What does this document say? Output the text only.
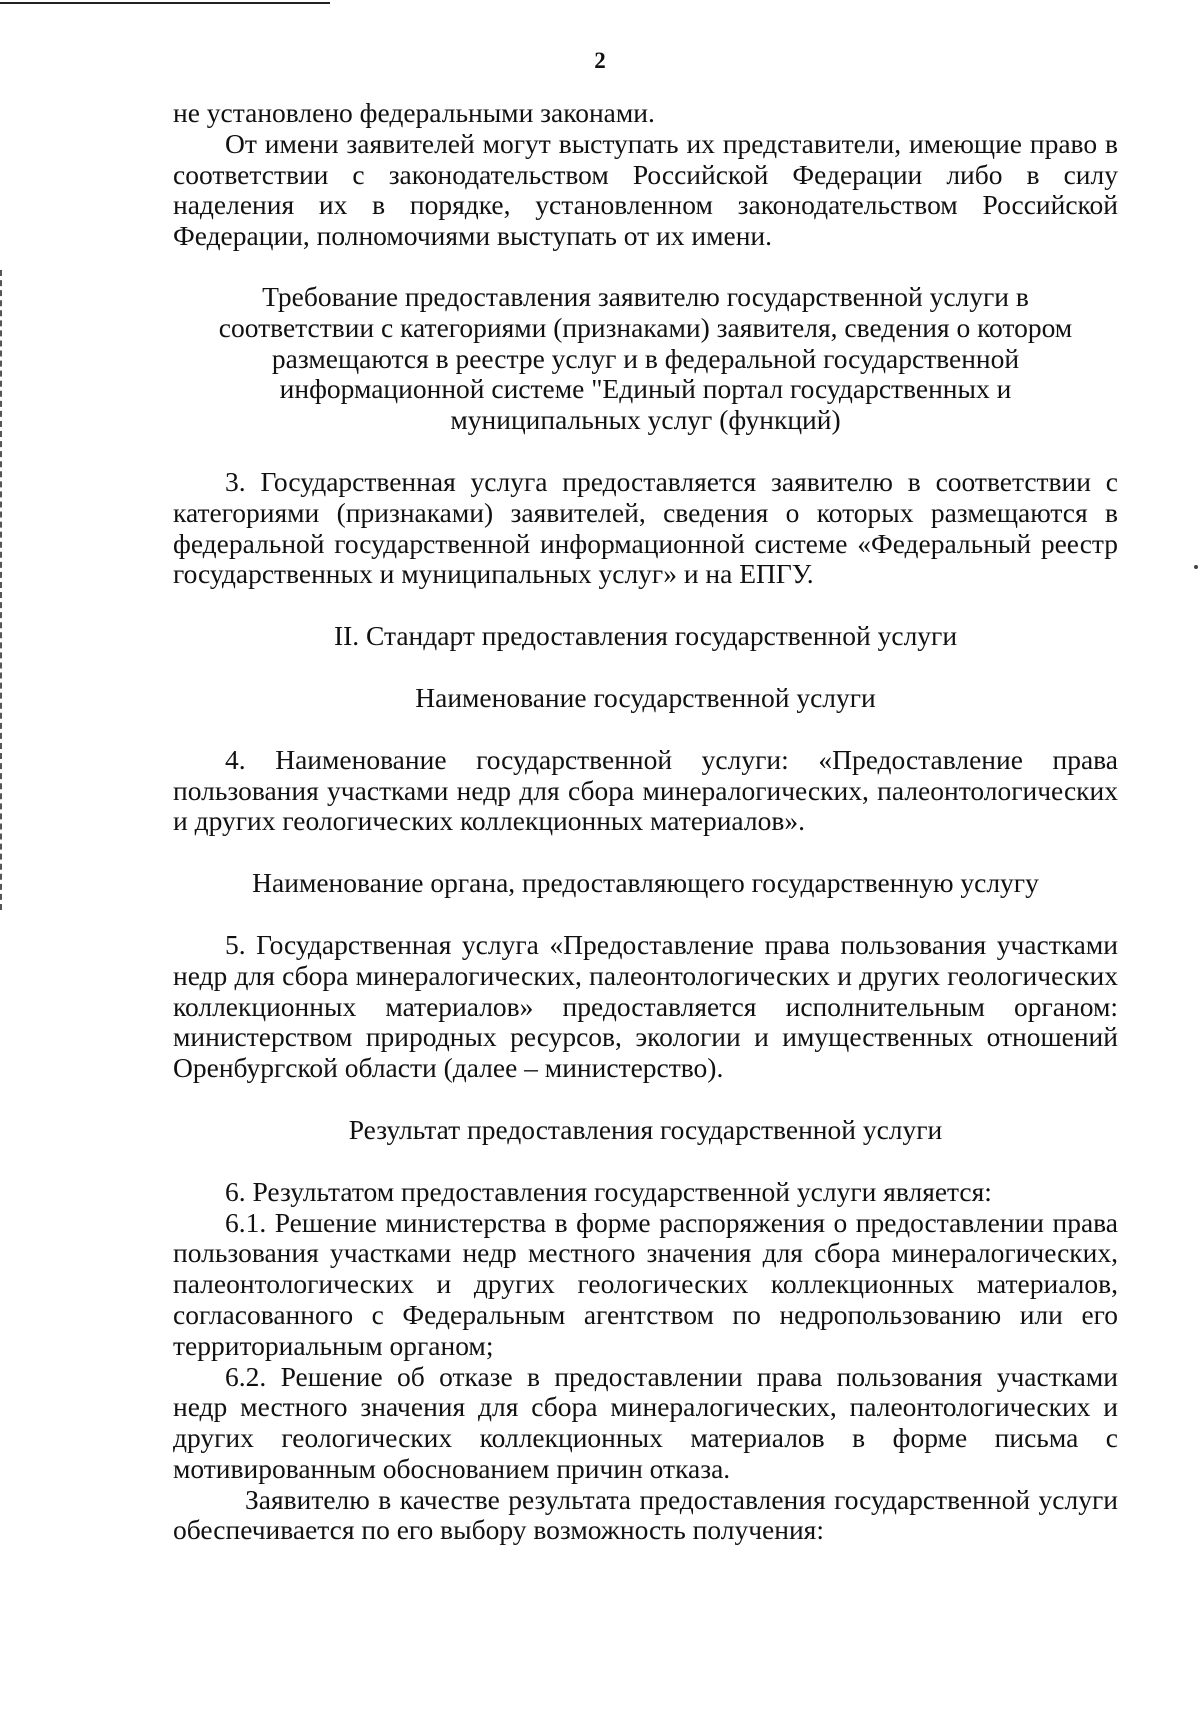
2

не установлено федеральными законами.

От имени заявителей могут выступать их представители, имеющие право в соответствии с законодательством Российской Федерации либо в силу наделения их в порядке, установленном законодательством Российской Федерации, полномочиями выступать от их имени.

Требование предоставления заявителю государственной услуги в соответствии с категориями (признаками) заявителя, сведения о котором размещаются в реестре услуг и в федеральной государственной информационной системе "Единый портал государственных и муниципальных услуг (функций)

3. Государственная услуга предоставляется заявителю в соответствии с категориями (признаками) заявителей, сведения о которых размещаются в федеральной государственной информационной системе «Федеральный реестр государственных и муниципальных услуг» и на ЕПГУ.

II. Стандарт предоставления государственной услуги

Наименование государственной услуги

4. Наименование государственной услуги: «Предоставление права пользования участками недр для сбора минералогических, палеонтологических и других геологических коллекционных материалов».

Наименование органа, предоставляющего государственную услугу

5. Государственная услуга «Предоставление права пользования участками недр для сбора минералогических, палеонтологических и других геологических коллекционных материалов» предоставляется исполнительным органом: министерством природных ресурсов, экологии и имущественных отношений Оренбургской области (далее – министерство).

Результат предоставления государственной услуги

6. Результатом предоставления государственной услуги является:

6.1. Решение министерства в форме распоряжения о предоставлении права пользования участками недр местного значения для сбора минералогических, палеонтологических и других геологических коллекционных материалов, согласованного с Федеральным агентством по недропользованию или его территориальным органом;

6.2. Решение об отказе в предоставлении права пользования участками недр местного значения для сбора минералогических, палеонтологических и других геологических коллекционных материалов в форме письма с мотивированным обоснованием причин отказа.

Заявителю в качестве результата предоставления государственной услуги обеспечивается по его выбору возможность получения:
